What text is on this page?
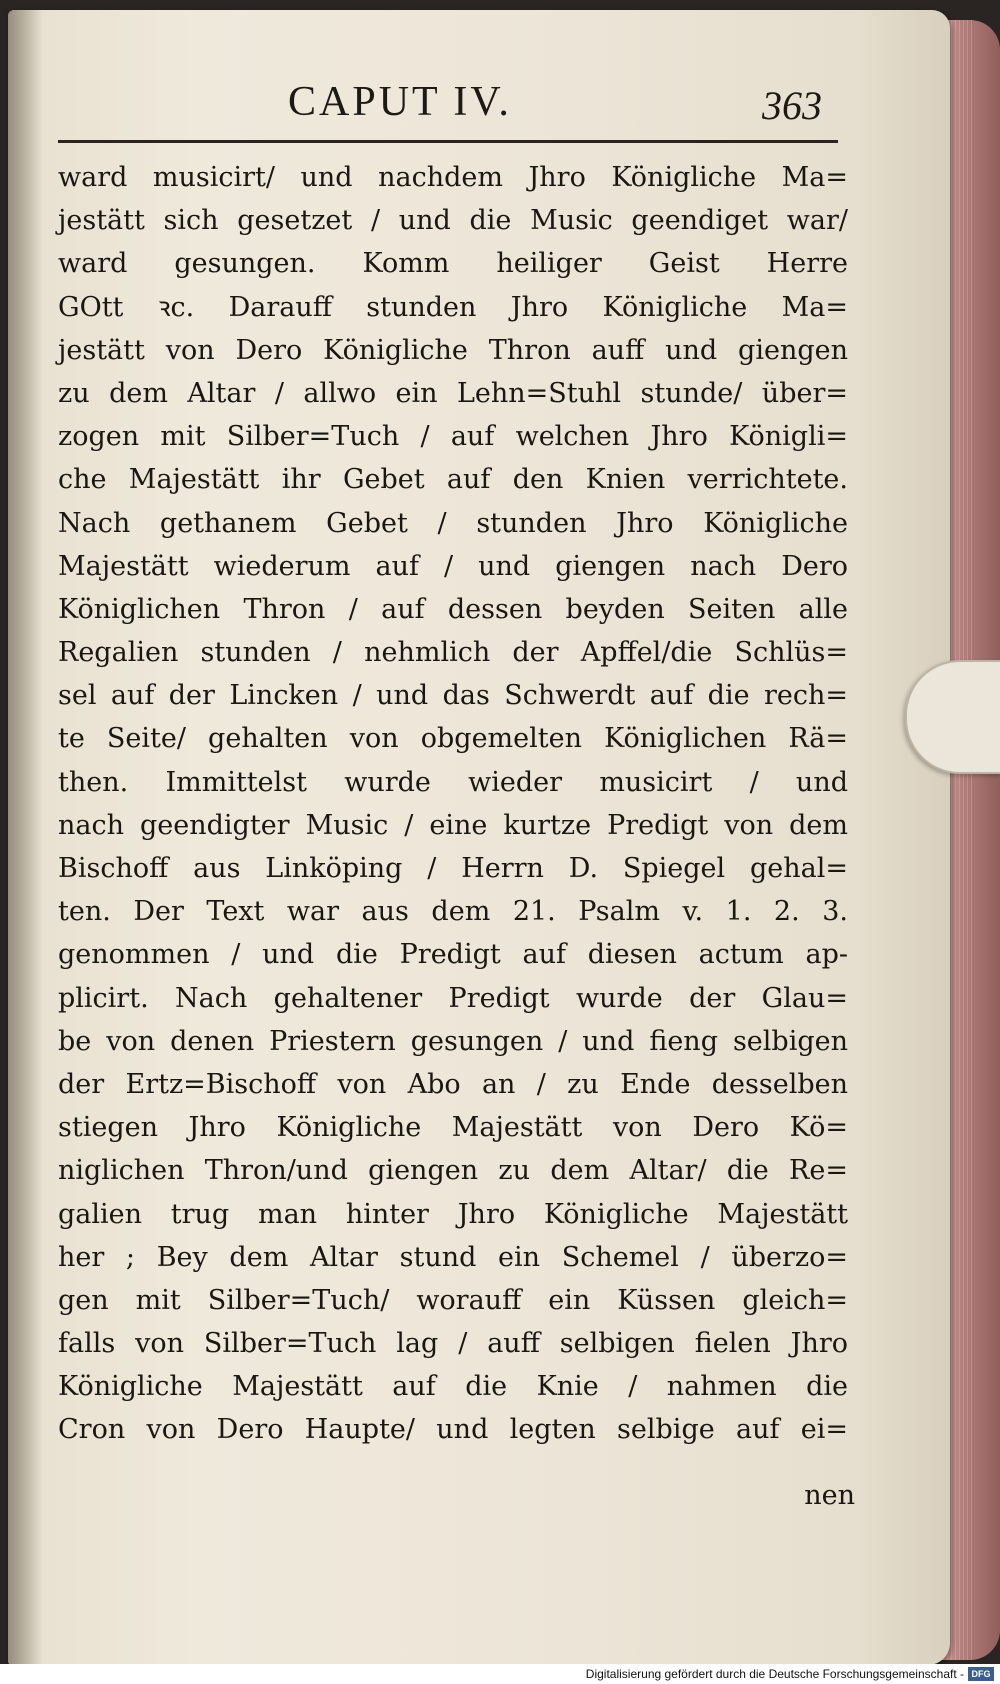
CAPUT IV.	363
ward musicirt/ und nachdem Jhro Königliche Ma=
jestätt sich gesetzet / und die Music geendiget war/
ward gesungen. Komm heiliger Geist Herre
GOtt ꝛc. Darauff stunden Jhro Königliche Ma=
jestätt von Dero Königliche Thron auff und giengen
zu dem Altar / allwo ein Lehn=Stuhl stunde/ über=
zogen mit Silber=Tuch / auf welchen Jhro Königli=
che Majestätt ihr Gebet auf den Knien verrichtete.
Nach gethanem Gebet / stunden Jhro Königliche
Majestätt wiederum auf / und giengen nach Dero
Königlichen Thron / auf dessen beyden Seiten alle
Regalien stunden / nehmlich der Apffel/die Schlüs=
sel auf der Lincken / und das Schwerdt auf die rech=
te Seite/ gehalten von obgemelten Königlichen Rä=
then. Immittelst wurde wieder musicirt / und
nach geendigter Music / eine kurtze Predigt von dem
Bischoff aus Linköping / Herrn D. Spiegel gehal=
ten. Der Text war aus dem 21. Psalm v. 1. 2. 3.
genommen / und die Predigt auf diesen actum ap-
plicirt. Nach gehaltener Predigt wurde der Glau=
be von denen Priestern gesungen / und fieng selbigen
der Ertz=Bischoff von Abo an / zu Ende desselben
stiegen Jhro Königliche Majestätt von Dero Kö=
niglichen Thron/und giengen zu dem Altar/ die Re=
galien trug man hinter Jhro Königliche Majestätt
her ; Bey dem Altar stund ein Schemel / überzo=
gen mit Silber=Tuch/ worauff ein Küssen gleich=
falls von Silber=Tuch lag / auff selbigen fielen Jhro
Königliche Majestätt auf die Knie / nahmen die
Cron von Dero Haupte/ und legten selbige auf ei=
nen
Digitalisierung gefördert durch die Deutsche Forschungsgemeinschaft - DFG
